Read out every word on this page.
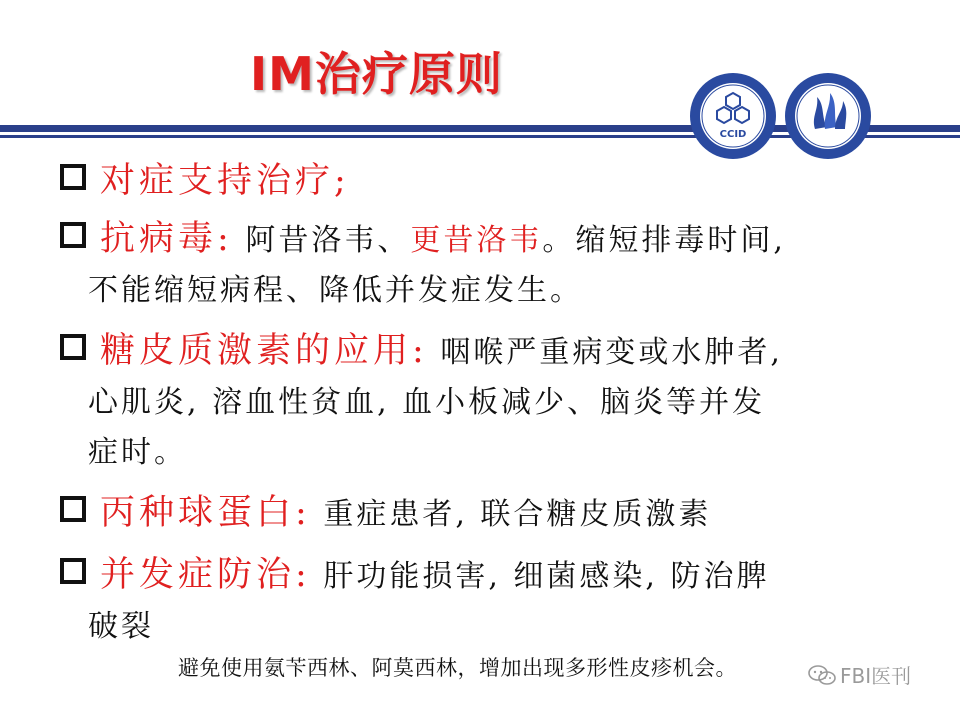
IM治疗原则
CCID
对症支持治疗;
抗病毒: 阿昔洛韦、更昔洛韦。缩短排毒时间,
不能缩短病程、降低并发症发生。
糖皮质激素的应用: 咽喉严重病变或水肿者,
心肌炎, 溶血性贫血, 血小板减少、脑炎等并发
症时。
丙种球蛋白: 重症患者, 联合糖皮质激素
并发症防治: 肝功能损害, 细菌感染, 防治脾
破裂
避免使用氨苄西林、阿莫西林，增加出现多形性皮疹机会。	FBI医刊
